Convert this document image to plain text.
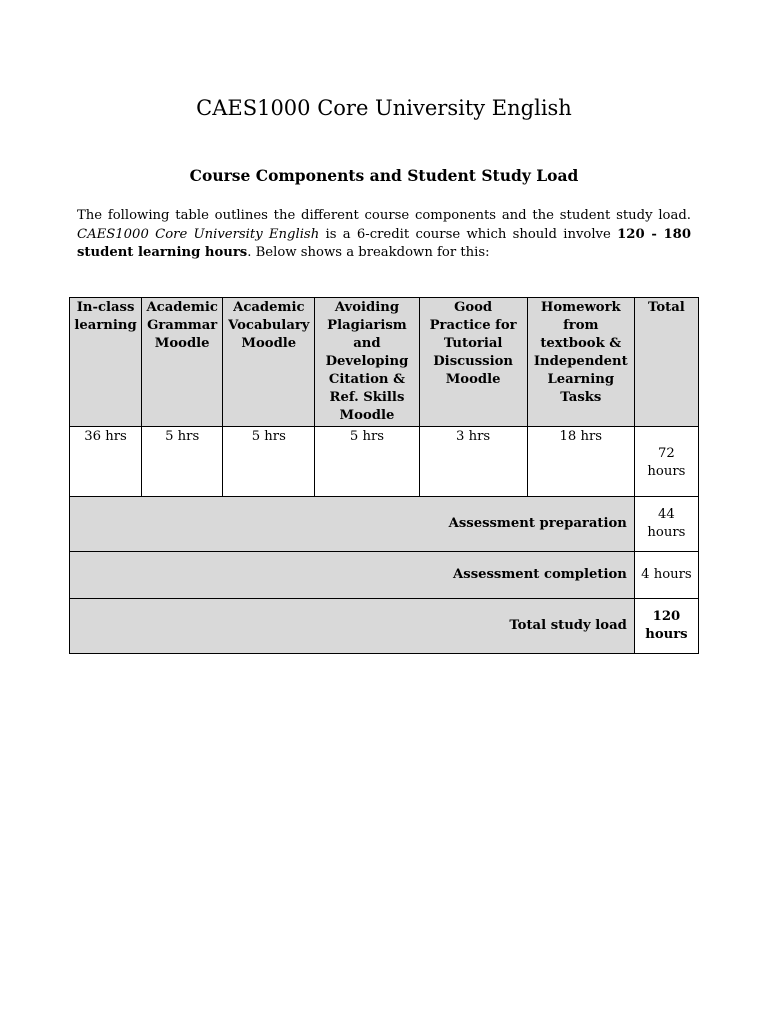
CAES1000 Core University English
Course Components and Student Study Load

The following table outlines the different course components and the student study load. CAES1000 Core University English is a 6-credit course which should involve 120 - 180 student learning hours. Below shows a breakdown for this:

In-class learning	Academic Grammar Moodle	Academic Vocabulary Moodle	Avoiding Plagiarism and Developing Citation & Ref. Skills Moodle	Good Practice for Tutorial Discussion Moodle	Homework from textbook & Independent Learning Tasks	Total
36 hrs	5 hrs	5 hrs	5 hrs	3 hrs	18 hrs	72 hours
Assessment preparation						44 hours
Assessment completion						4 hours
Total study load						120 hours
